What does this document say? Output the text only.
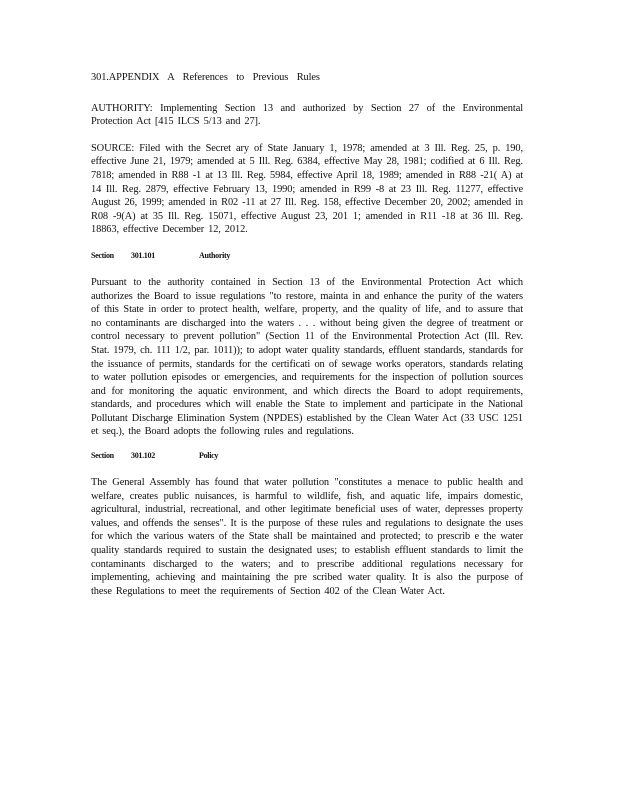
301.APPENDIX A References to Previous Rules

AUTHORITY: Implementing Section 13 and authorized by Section 27 of the Environmental Protection Act [415 ILCS 5/13 and 27].

SOURCE: Filed with the Secret ary of State January 1, 1978; amended at 3 Ill. Reg. 25, p. 190, effective June 21, 1979; amended at 5 Ill. Reg. 6384, effective May 28, 1981; codified at 6 Ill. Reg. 7818; amended in R88 -1 at 13 Ill. Reg. 5984, effective April 18, 1989; amended in R88 -21( A) at 14 Ill. Reg. 2879, effective February 13, 1990; amended in R99 -8 at 23 Ill. Reg. 11277, effective August 26, 1999; amended in R02 -11 at 27 Ill. Reg. 158, effective December 20, 2002; amended in R08 -9(A) at 35 Ill. Reg. 15071, effective August 23, 201 1; amended in R11 -18 at 36 Ill. Reg. 18863, effective December 12, 2012.

Section	301.101	Authority

Pursuant to the authority contained in Section 13 of the Environmental Protection Act which authorizes the Board to issue regulations "to restore, mainta in and enhance the purity of the waters of this State in order to protect health, welfare, property, and the quality of life, and to assure that no contaminants are discharged into the waters . . . without being given the degree of treatment or control necessary to prevent pollution" (Section 11 of the Environmental Protection Act (Ill. Rev. Stat. 1979, ch. 111 1/2, par. 1011)); to adopt water quality standards, effluent standards, standards for the issuance of permits, standards for the certificati on of sewage works operators, standards relating to water pollution episodes or emergencies, and requirements for the inspection of pollution sources and for monitoring the aquatic environment, and which directs the Board to adopt requirements, standards, and procedures which will enable the State to implement and participate in the National Pollutant Discharge Elimination System (NPDES) established by the Clean Water Act (33 USC 1251 et seq.), the Board adopts the following rules and regulations.

Section	301.102	Policy

The General Assembly has found that water pollution "constitutes a menace to public health and welfare, creates public nuisances, is harmful to wildlife, fish, and aquatic life, impairs domestic, agricultural, industrial, recreational, and other legitimate beneficial uses of water, depresses property values, and offends the senses". It is the purpose of these rules and regulations to designate the uses for which the various waters of the State shall be maintained and protected; to prescrib e the water quality standards required to sustain the designated uses; to establish effluent standards to limit the contaminants discharged to the waters; and to prescribe additional regulations necessary for implementing, achieving and maintaining the pre scribed water quality. It is also the purpose of these Regulations to meet the requirements of Section 402 of the Clean Water Act.
